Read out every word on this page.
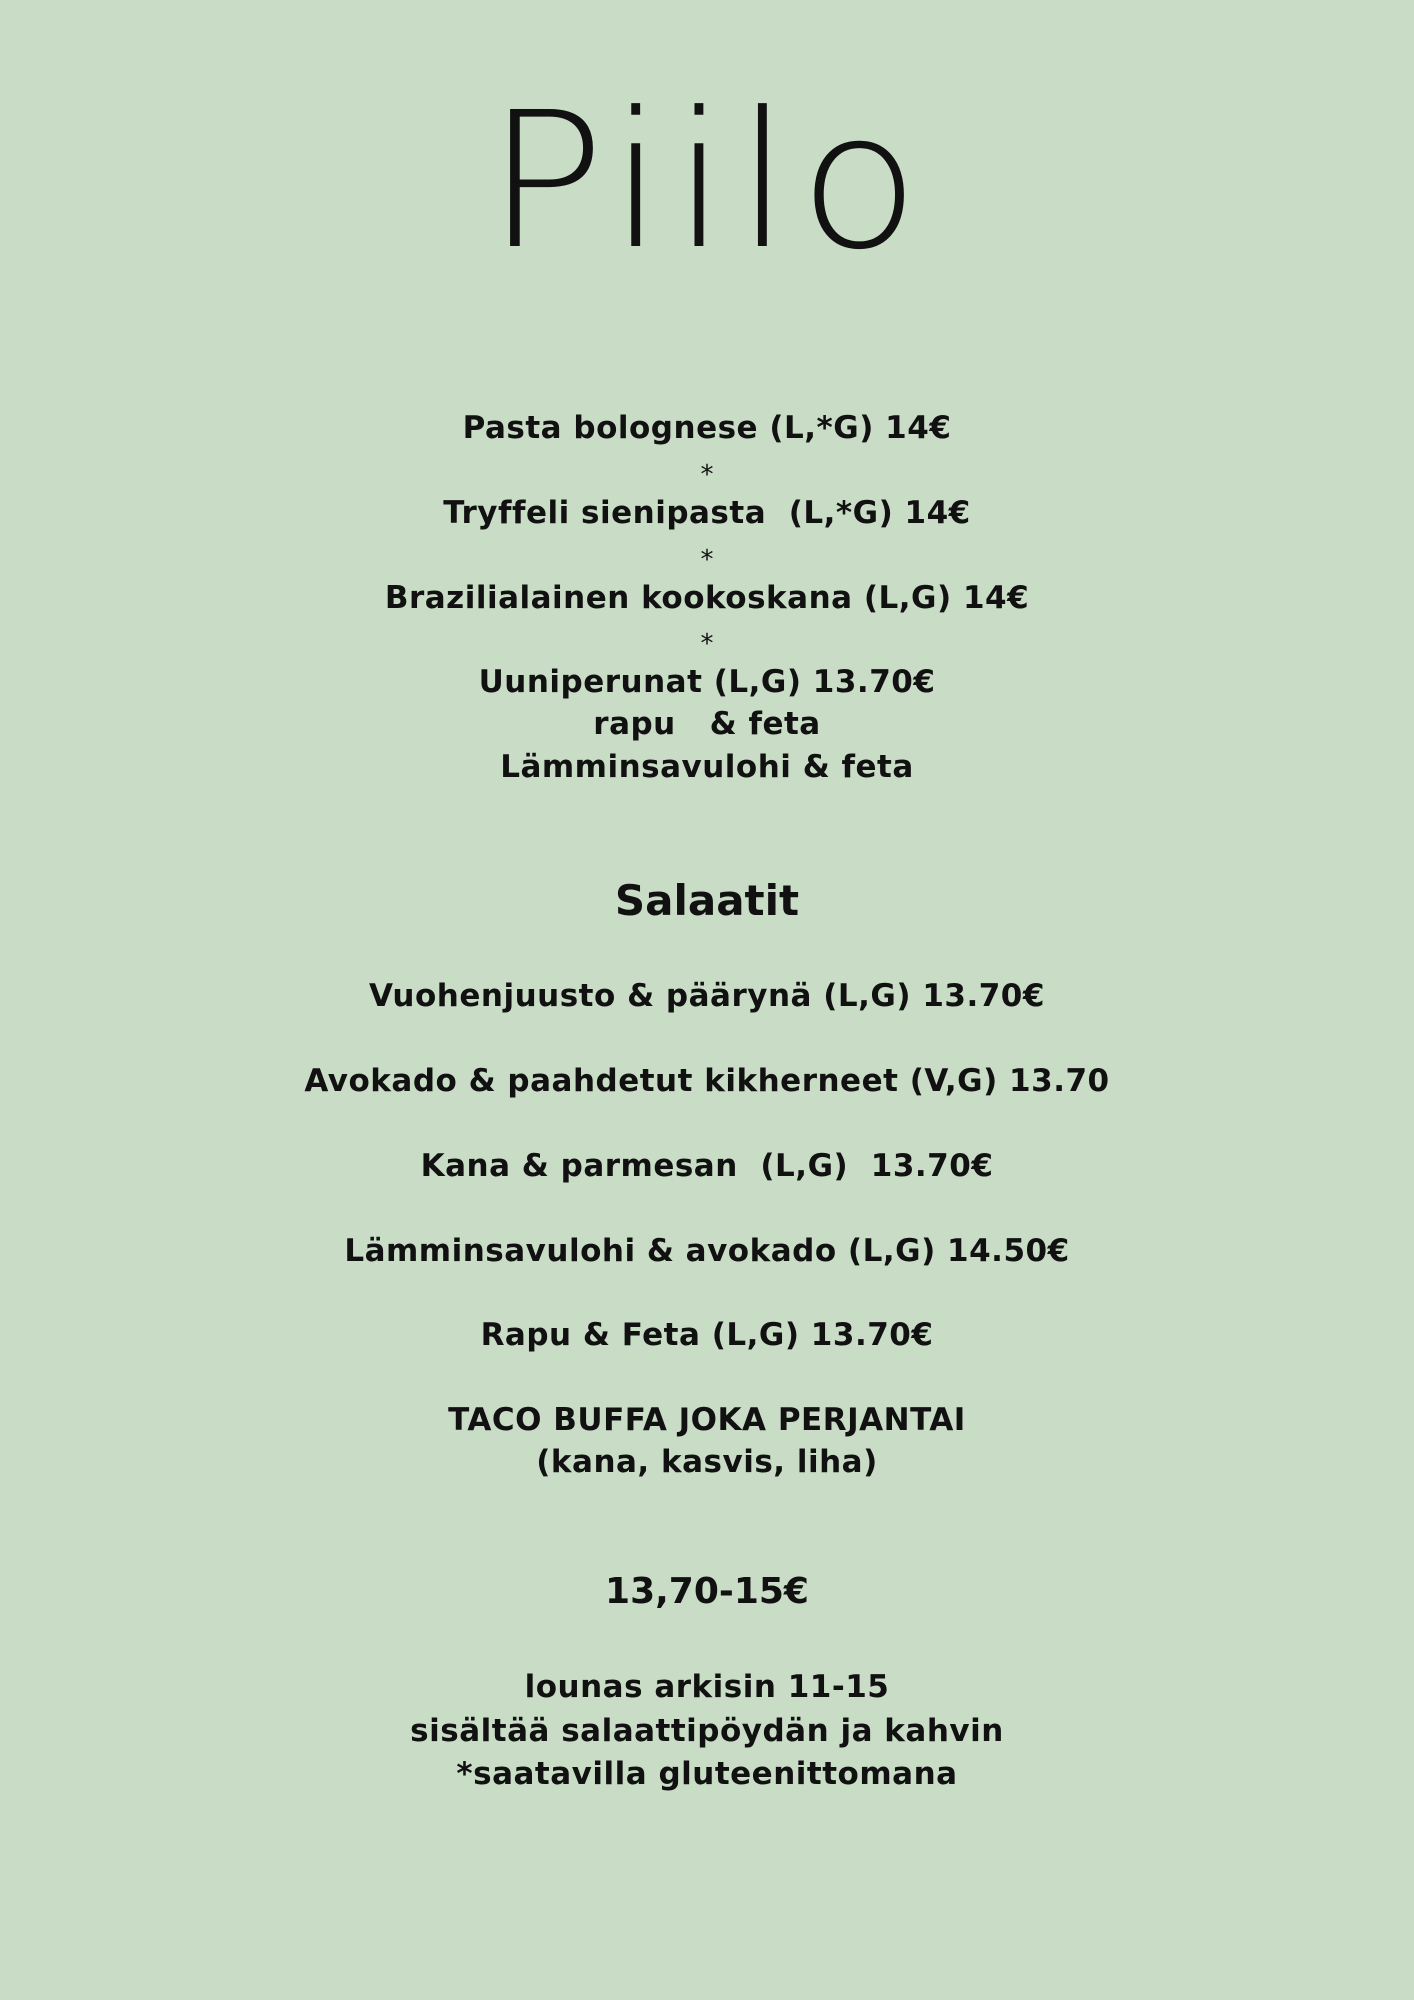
Piilo
Pasta bolognese (L,*G) 14€
*
Tryffeli sienipasta  (L,*G) 14€
*
Brazilialainen kookoskana (L,G) 14€
*
Uuniperunat (L,G) 13.70€
rapu   & feta
Lämminsavulohi & feta
Salaatit
Vuohenjuusto & päärynä (L,G) 13.70€
Avokado & paahdetut kikherneet (V,G) 13.70
Kana & parmesan  (L,G)  13.70€
Lämminsavulohi & avokado (L,G) 14.50€
Rapu & Feta (L,G) 13.70€
TACO BUFFA JOKA PERJANTAI
(kana, kasvis, liha)
13,70-15€
lounas arkisin 11-15
sisältää salaattipöydän ja kahvin
*saatavilla gluteenittomana
